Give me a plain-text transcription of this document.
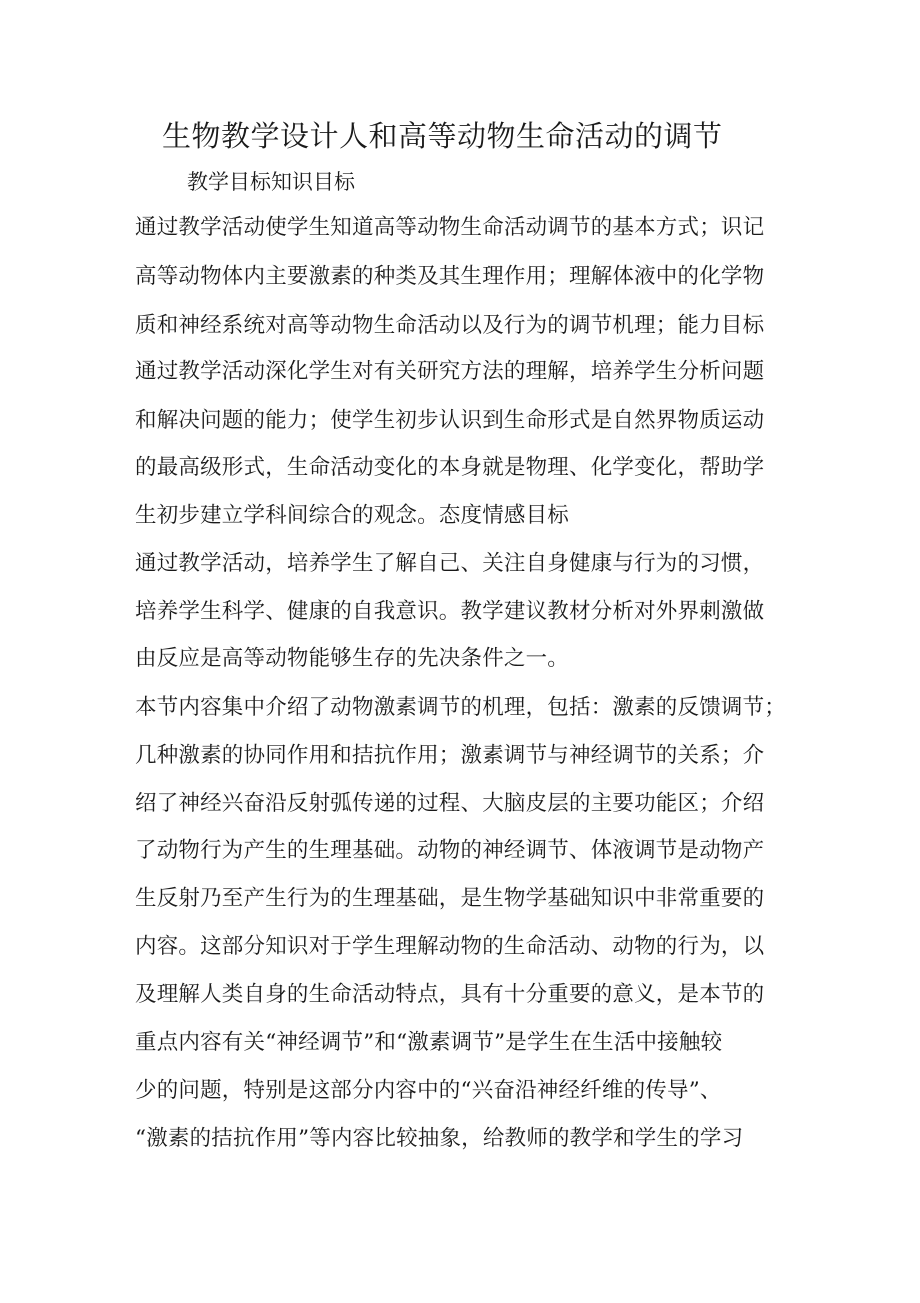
生物教学设计人和高等动物生命活动的调节
教学目标知识目标
通过教学活动使学生知道高等动物生命活动调节的基本方式；识记
高等动物体内主要激素的种类及其生理作用；理解体液中的化学物
质和神经系统对高等动物生命活动以及行为的调节机理；能力目标
通过教学活动深化学生对有关研究方法的理解，培养学生分析问题
和解决问题的能力；使学生初步认识到生命形式是自然界物质运动
的最高级形式，生命活动变化的本身就是物理、化学变化，帮助学
生初步建立学科间综合的观念。态度情感目标
通过教学活动，培养学生了解自己、关注自身健康与行为的习惯，
培养学生科学、健康的自我意识。教学建议教材分析对外界刺激做
由反应是高等动物能够生存的先决条件之一。
本节内容集中介绍了动物激素调节的机理，包括：激素的反馈调节；
几种激素的协同作用和拮抗作用；激素调节与神经调节的关系；介
绍了神经兴奋沿反射弧传递的过程、大脑皮层的主要功能区；介绍
了动物行为产生的生理基础。动物的神经调节、体液调节是动物产
生反射乃至产生行为的生理基础，是生物学基础知识中非常重要的
内容。这部分知识对于学生理解动物的生命活动、动物的行为，以
及理解人类自身的生命活动特点，具有十分重要的意义，是本节的
重点内容有关“神经调节”和“激素调节”是学生在生活中接触较
少的问题，特别是这部分内容中的“兴奋沿神经纤维的传导”、
“激素的拮抗作用”等内容比较抽象，给教师的教学和学生的学习
